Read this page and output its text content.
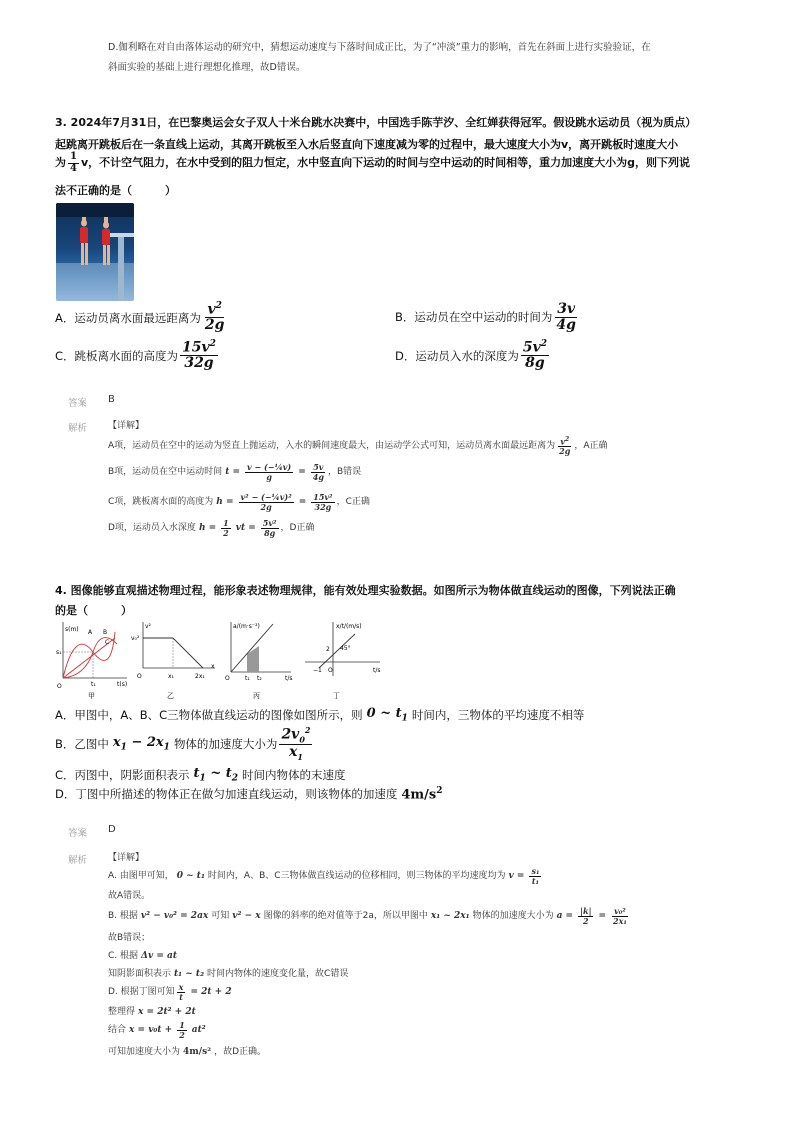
D.伽利略在对自由落体运动的研究中，猜想运动速度与下落时间成正比，为了“冲淡”重力的影响，首先在斜面上进行实验验证，在
斜面实验的基础上进行理想化推理，故D错误。
3. 2024年7月31日，在巴黎奥运会女子双人十米台跳水决赛中，中国选手陈芋汐、全红婵获得冠军。假设跳水运动员（视为质点）
起跳离开跳板后在一条直线上运动，其离开跳板至入水后竖直向下速度减为零的过程中，最大速度大小为v，离开跳板时速度大小
为 $\frac{1}{4}$ v，不计空气阻力，在水中受到的阻力恒定，水中竖直向下运动的时间与空中运动的时间相等，重力加速度大小为g，则下列说
法不正确的是（　　　）
A．运动员离水面最远距离为 $\frac{v^2}{2g}$	B．运动员在空中运动的时间为 $\frac{3v}{4g}$
C．跳板离水面的高度为 $\frac{15v^2}{32g}$	D．运动员入水的深度为 $\frac{5v^2}{8g}$
答案 B
解析 【详解】
A项，运动员在空中的运动为竖直上抛运动，入水的瞬间速度最大，由运动学公式可知，运动员离水面最远距离为 $\frac{v^2}{2g}$ ，A正确
B项，运动员在空中运动时间 $t = \frac{\text{v − (−¼v)}}{g} = \frac{5v}{4g}$ ，B错误
C项，跳板离水面的高度为 $h = \frac{\text{v² − (−¼v)²}}{2g} = \frac{\text{15v²}}{32g}$ ，C正确
D项，运动员入水深度 $h = \frac{1}{2}$ vt = $\frac{\text{5v²}}{8g}$ ，D正确
4. 图像能够直观描述物理过程，能形象表述物理规律，能有效处理实验数据。如图所示为物体做直线运动的图像，下列说法正确
的是（　　　）
s(m)
s₁
A B
C
t₁	t(s)
O
v²
v₀²
x₁	2x₁
x
O
a/(m·s⁻²)
t₁ t₂	t/s
O
x/t/(m/s)
2 45°
−1 O	t/s
甲	乙	丙	丁
A．甲图中，A、B、C三物体做直线运动的图像如图所示，则 0 ~ $t_1$ 时间内，三物体的平均速度不相等
B．乙图中 $x_1 - 2x_1$ 物体的加速度大小为 $\frac{2v_0^2}{x_1}$
C．丙图中，阴影面积表示 $t_1$ ~ $t_2$ 时间内物体的末速度
D．丁图中所描述的物体正在做匀加速直线运动，则该物体的加速度 $4m/s^2$
答案 D
解析 【详解】
A. 由图甲可知， 0 ~ t₁ 时间内，A、B、C三物体做直线运动的位移相同，则三物体的平均速度均为 $v = \frac{\text{s₁}}{\text{t₁}}$
故A错误。
B. 根据 v² − v₀² = 2ax 可知 v² − x 图像的斜率的绝对值等于2a，所以甲图中 x₁ ~ 2x₁ 物体的加速度大小为 $a = \frac{|k|}{2} = \frac{\text{v₀²}}{\text{2x₁}}$
故B错误；
C. 根据 Δv = at
知阴影面积表示 t₁ ~ t₂ 时间内物体的速度变化量，故C错误
D. 根据丁图可知 $\frac{x}{t} = 2t + 2$
整理得 x = 2t² + 2t
结合 $x = v_0t + \frac{1}{2} at^2$
可知加速度大小为 4m/s² ，故D正确。
